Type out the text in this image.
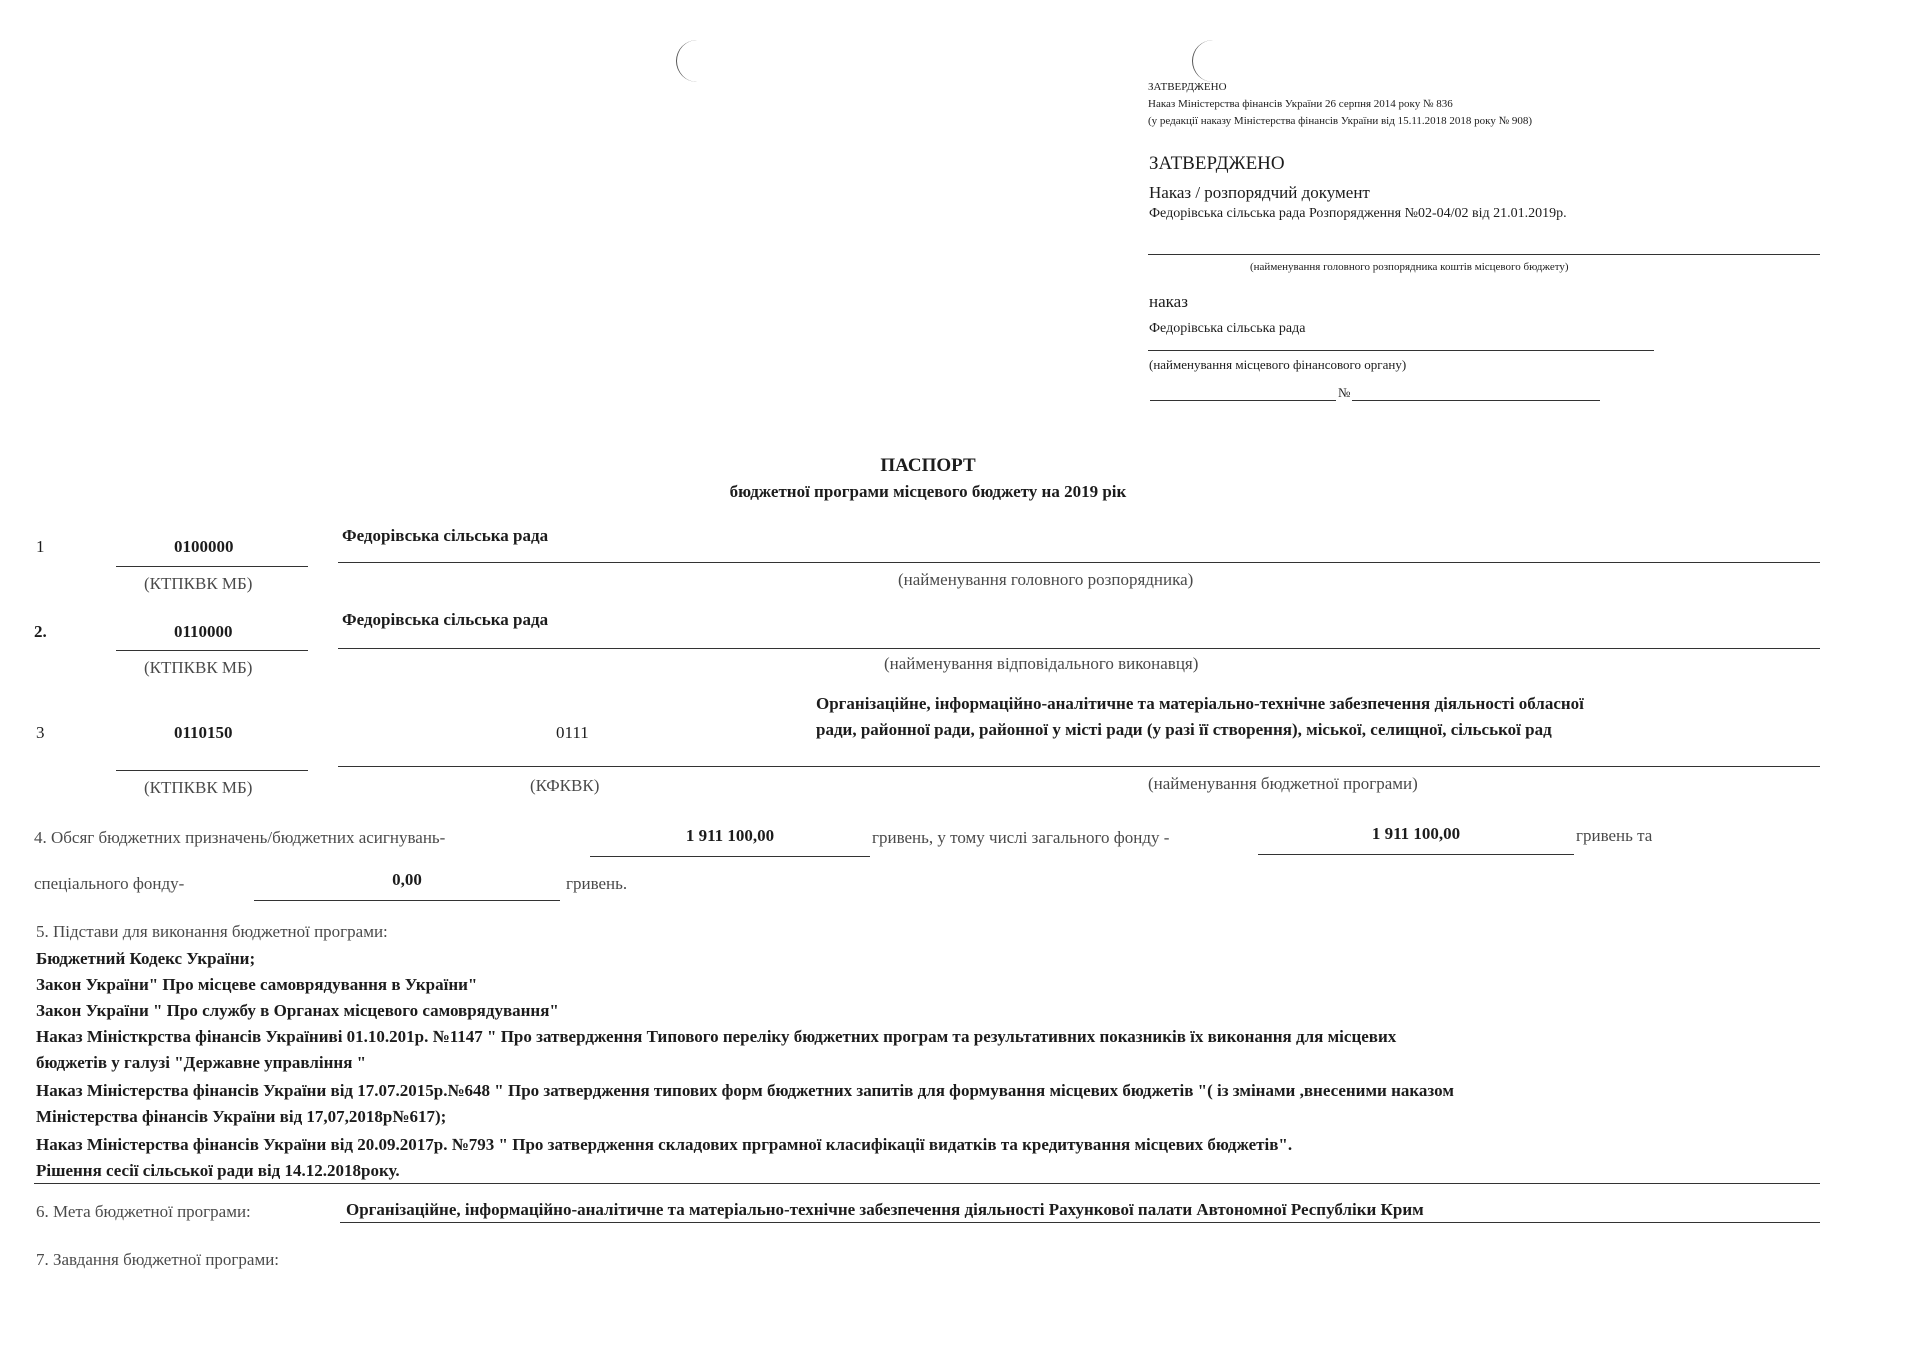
ЗАТВЕРДЖЕНО
Наказ Міністерства фінансів України 26 серпня 2014 року № 836
(у редакції наказу Міністерства фінансів України від 15.11.2018 2018 року № 908)
ЗАТВЕРДЖЕНО
Наказ / розпорядчий документ
Федорівська сільська рада Розпорядження №02-04/02 від 21.01.2019р.
(найменування головного розпорядника коштів місцевого бюджету)
наказ
Федорівська сільська рада
(найменування місцевого фінансового органу)
№
ПАСПОРТ
бюджетної програми місцевого бюджету на 2019 рік
1	0100000
Федорівська сільська рада
(КТПКВК МБ)	(найменування головного розпорядника)
2.	0110000
Федорівська сільська рада
(КТПКВК МБ)	(найменування відповідального виконавця)
3	0110150	0111
Організаційне, інформаційно-аналітичне та матеріально-технічне забезпечення діяльності обласної
ради, районної ради, районної у місті ради (у разі її створення), міської, селищної, сільської рад
(КТПКВК МБ)	(КФКВК)	(найменування бюджетної програми)
4. Обсяг бюджетних призначень/бюджетних асигнувань-	1 911 100,00	гривень, у тому числі загального фонду -	1 911 100,00	гривень та
спеціального фонду-	0,00	гривень.
5. Підстави для виконання бюджетної програми:
Бюджетний Кодекс України;
Закон України" Про місцеве самоврядування в України"
Закон України " Про службу в Органах місцевого самоврядування"
Наказ Міністкрства фінансів Україниві 01.10.201р. №1147 " Про затвердження Типового переліку бюджетних програм та результативних показників їх виконання для місцевих
бюджетів у галузі "Державне управління "
Наказ Міністерства фінансів України від 17.07.2015р.№648 " Про затвердження типових форм бюджетних запитів для формування місцевих бюджетів "( із змінами ,внесеними наказом
Міністерства фінансів України від 17,07,2018р№617);
Наказ Міністерства фінансів України від 20.09.2017р. №793 " Про затвердження складових пргрaмної класифікації видатків та кредитування місцевих бюджетів".
Рішення сесії сільської ради від 14.12.2018року.
6. Мета бюджетної програми:	Організаційне, інформаційно-аналітичне та матеріально-технічне забезпечення діяльності Рахункової палати Автономної Республіки Крим
7. Завдання бюджетної програми:
